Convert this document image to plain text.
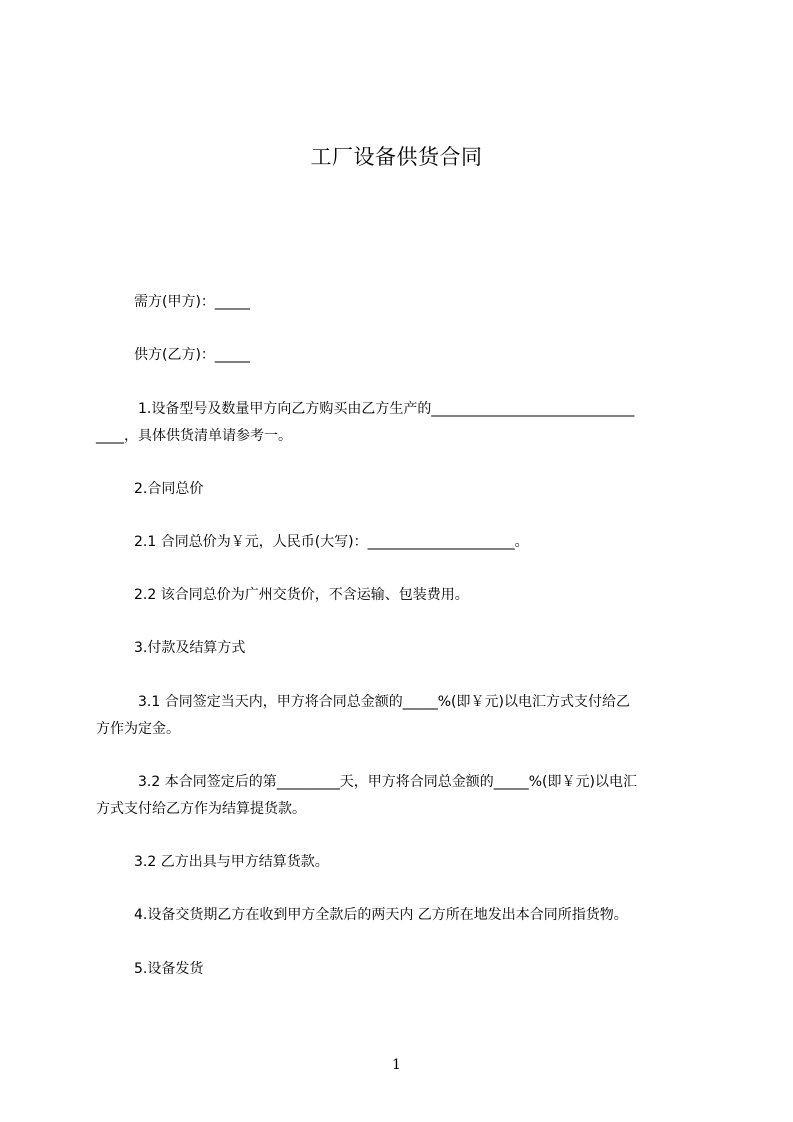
工厂设备供货合同
需方(甲方)：_____
供方(乙方)：_____
1.设备型号及数量甲方向乙方购买由乙方生产的_____________________________
____，具体供货清单请参考一。
2.合同总价
2.1 合同总价为￥元，人民币(大写)：_____________________。
2.2 该合同总价为广州交货价，不含运输、包装费用。
3.付款及结算方式
3.1 合同签定当天内，甲方将合同总金额的_____%(即￥元)以电汇方式支付给乙
方作为定金。
3.2 本合同签定后的第_________天，甲方将合同总金额的_____%(即￥元)以电汇
方式支付给乙方作为结算提货款。
3.2 乙方出具与甲方结算货款。
4.设备交货期乙方在收到甲方全款后的两天内 乙方所在地发出本合同所指货物。
5.设备发货
1
